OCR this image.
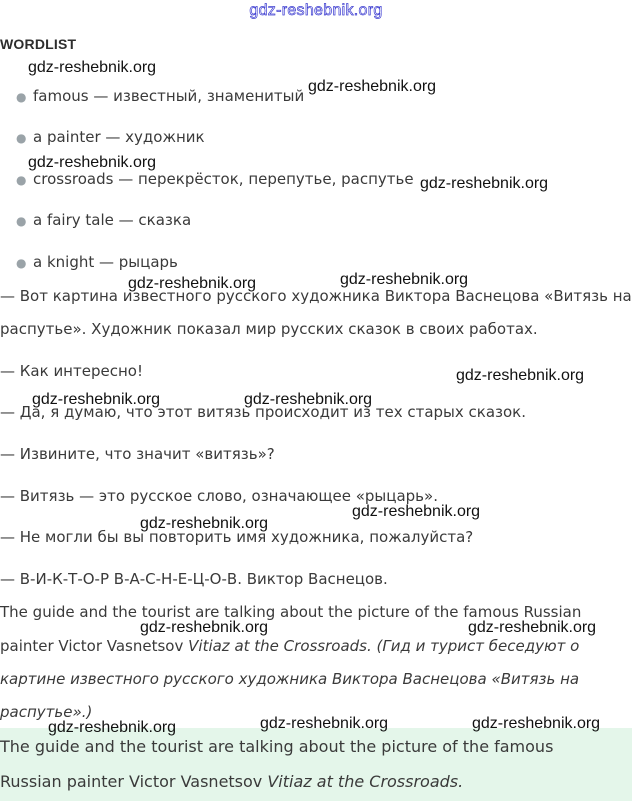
gdz-reshebnik.org
WORDLIST
● famous — известный, знаменитый
● a painter — художник
● crossroads — перекрёсток, перепутье, распутье
● a fairy tale — сказка
● a knight — рыцарь
— Вот картина известного русского художника Виктора Васнецова «Витязь на
распутье». Художник показал мир русских сказок в своих работах.
— Как интересно!
— Да, я думаю, что этот витязь происходит из тех старых сказок.
— Извините, что значит «витязь»?
— Витязь — это русское слово, означающее «рыцарь».
— Не могли бы вы повторить имя художника, пожалуйста?
— В-И-К-Т-О-Р В-А-С-Н-Е-Ц-О-В. Виктор Васнецов.
The guide and the tourist are talking about the picture of the famous Russian
painter Victor Vasnetsov Vitiaz at the Crossroads. (Гид и турист беседуют о
картине известного русского художника Виктора Васнецова «Витязь на
распутье».)
The guide and the tourist are talking about the picture of the famous
Russian painter Victor Vasnetsov Vitiaz at the Crossroads.
gdz-reshebnik.org
gdz-reshebnik.org
gdz-reshebnik.org
gdz-reshebnik.org
gdz-reshebnik.org	gdz-reshebnik.org
gdz-reshebnik.org
gdz-reshebnik.org	gdz-reshebnik.org
gdz-reshebnik.org
gdz-reshebnik.org
gdz-reshebnik.org	gdz-reshebnik.org
gdz-reshebnik.org	gdz-reshebnik.org	gdz-reshebnik.org
